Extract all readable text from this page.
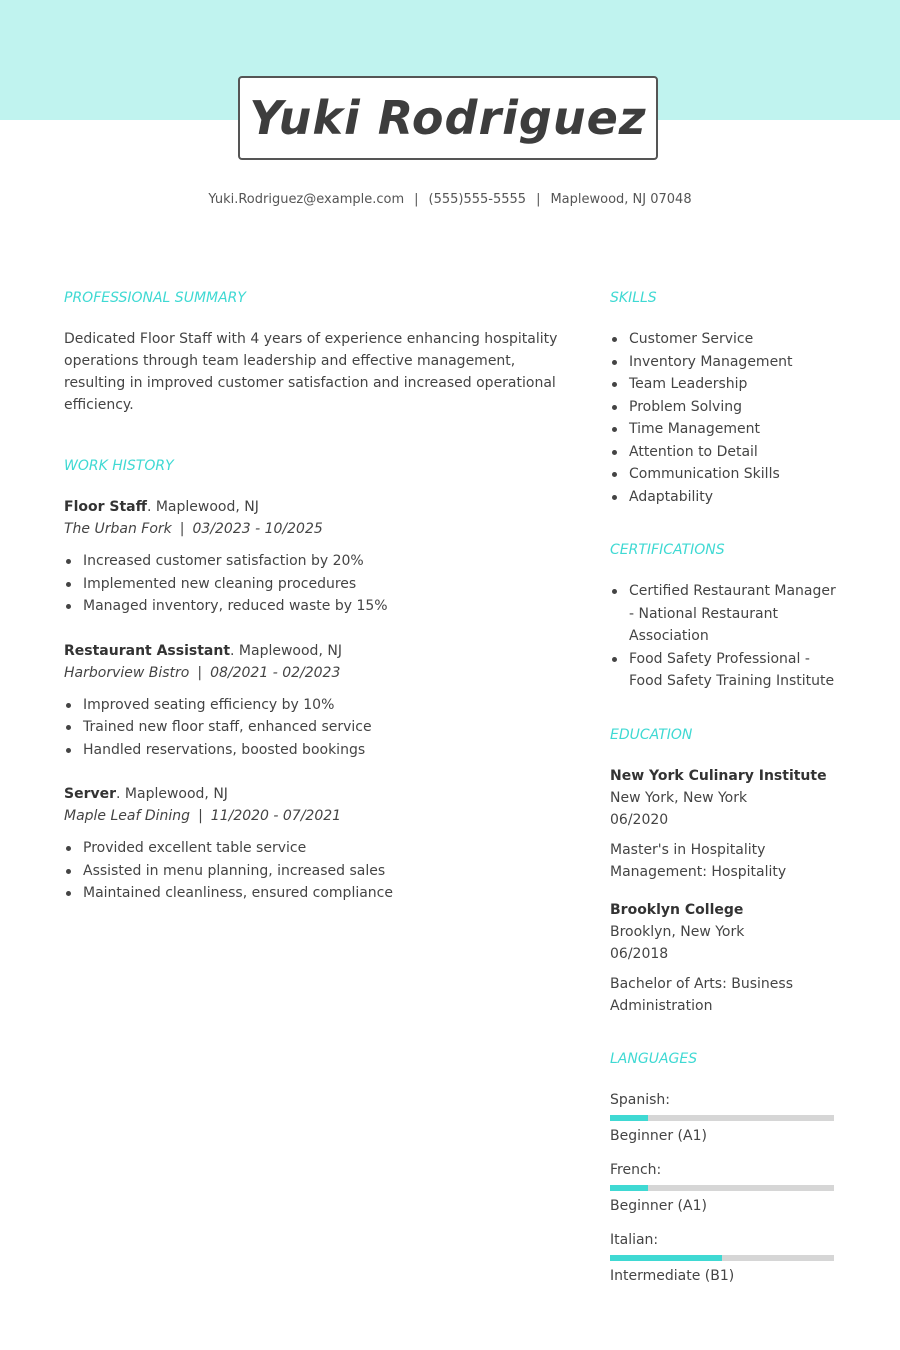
Yuki Rodriguez
Yuki.Rodriguez@example.com | (555)555-5555 | Maplewood, NJ 07048
PROFESSIONAL SUMMARY
Dedicated Floor Staff with 4 years of experience enhancing hospitality operations through team leadership and effective management, resulting in improved customer satisfaction and increased operational efficiency.
WORK HISTORY
Floor Staff. Maplewood, NJ
The Urban Fork | 03/2023 - 10/2025
Increased customer satisfaction by 20%
Implemented new cleaning procedures
Managed inventory, reduced waste by 15%
Restaurant Assistant. Maplewood, NJ
Harborview Bistro | 08/2021 - 02/2023
Improved seating efficiency by 10%
Trained new floor staff, enhanced service
Handled reservations, boosted bookings
Server. Maplewood, NJ
Maple Leaf Dining | 11/2020 - 07/2021
Provided excellent table service
Assisted in menu planning, increased sales
Maintained cleanliness, ensured compliance
SKILLS
Customer Service
Inventory Management
Team Leadership
Problem Solving
Time Management
Attention to Detail
Communication Skills
Adaptability
CERTIFICATIONS
Certified Restaurant Manager - National Restaurant Association
Food Safety Professional - Food Safety Training Institute
EDUCATION
New York Culinary Institute
New York, New York
06/2020
Master's in Hospitality Management: Hospitality
Brooklyn College
Brooklyn, New York
06/2018
Bachelor of Arts: Business Administration
LANGUAGES
Spanish:
Beginner (A1)
French:
Beginner (A1)
Italian:
Intermediate (B1)
